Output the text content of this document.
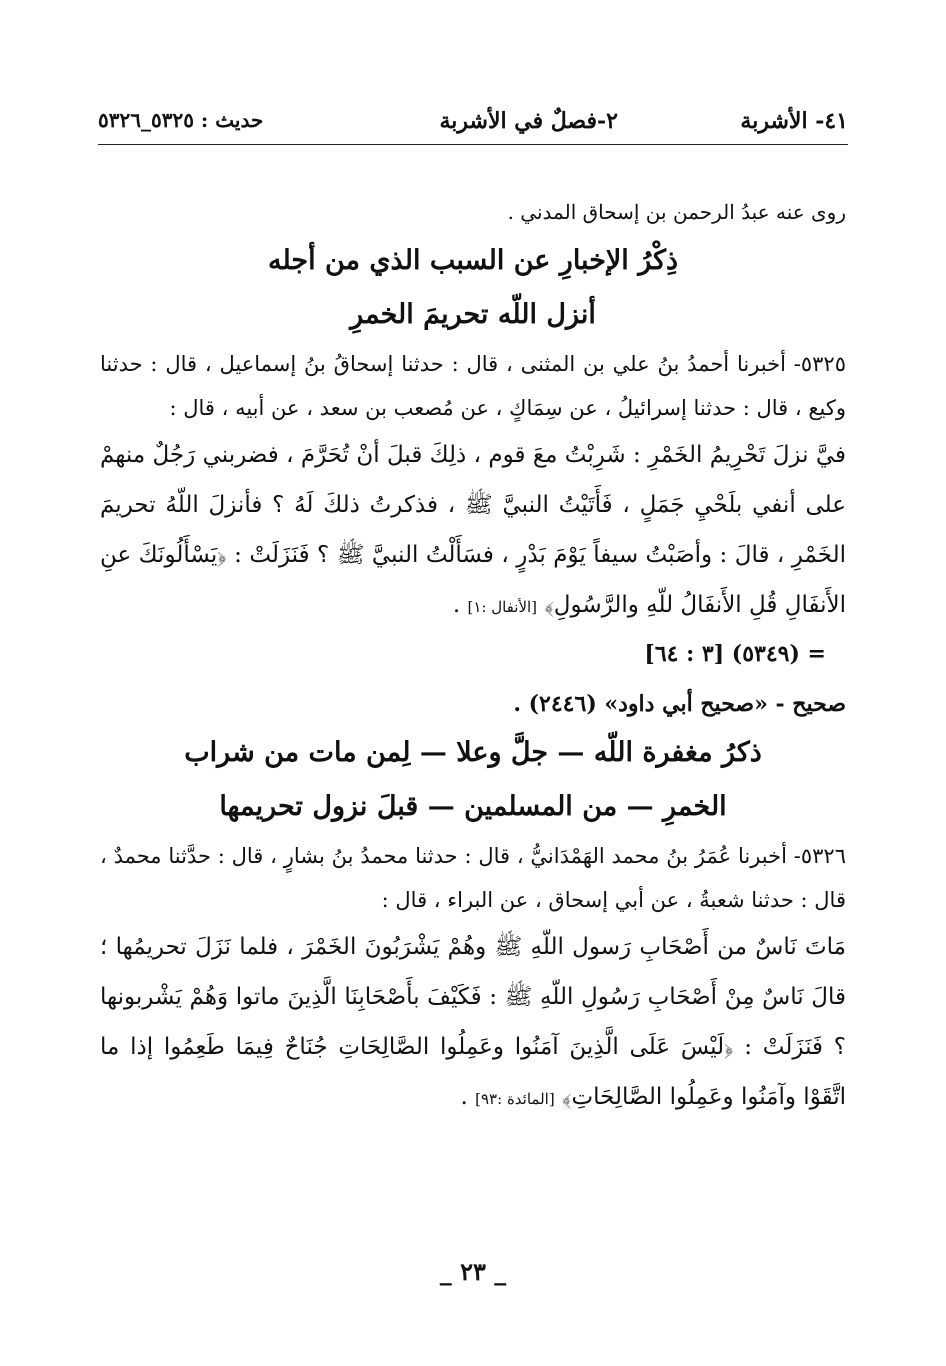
٤١- الأشربة
٢-فصلٌ في الأشربة
حديث : ٥٣٢٥_٥٣٢٦

روى عنه عبدُ الرحمن بن إسحاق المدني .

ذِكْرُ الإخبارِ عن السبب الذي من أجله

أنزل اللّه تحريمَ الخمرِ

٥٣٢٥- أخبرنا أحمدُ بنُ علي بن المثنى ، قال : حدثنا إسحاقُ بنُ إسماعيل ، قال : حدثنا وكيع ، قال : حدثنا إسرائيلُ ، عن سِمَاكٍ ، عن مُصعب بن سعد ، عن أبيه ، قال :

فيَّ نزلَ تَحْرِيمُ الخَمْرِ : شَرِبْتُ معَ قوم ، ذلِكَ قبلَ أنْ تُحَرَّمَ ، فضربني رَجُلٌ منهمْ على أنفي بلَحْيِ جَمَلٍ ، فَأَتَيْتُ النبيَّ ﷺ ، فذكرتُ ذلكَ لَهُ ؟ فأنزلَ اللّهُ تحريمَ الخَمْرِ ، قالَ : وأصَبْتُ سيفاً يَوْمَ بَدْرٍ ، فسَأَلْتُ النبيَّ ﷺ ؟ فَنَزَلَتْ : ﴿يَسْأَلُونَكَ عنِ الأَنفَالِ قُلِ الأَنفَالُ للّهِ والرَّسُولِ﴾ [الأنفال :١] .

= (٥٣٤٩) [٣ : ٦٤]

صحيح - «صحيح أبي داود» (٢٤٤٦) .

ذكرُ مغفرة اللّه — جلَّ وعلا — لِمن مات من شراب

الخمرِ — من المسلمين — قبلَ نزول تحريمها

٥٣٢٦- أخبرنا عُمَرُ بنُ محمد الهَمْدَانيُّ ، قال : حدثنا محمدُ بنُ بشارٍ ، قال : حدَّثنا محمدٌ ، قال : حدثنا شعبةُ ، عن أبي إسحاق ، عن البراء ، قال :

مَاتَ نَاسٌ من أَصْحَابِ رَسول اللّهِ ﷺ وهُمْ يَشْرَبُونَ الخَمْرَ ، فلما نَزَلَ تحريمُها ؛ قالَ نَاسٌ مِنْ أَصْحَابِ رَسُولِ اللّهِ ﷺ : فَكَيْفَ بأَصْحَابِنَا الَّذِينَ ماتوا وَهُمْ يَشْربونها ؟ فَنَزَلَتْ : ﴿لَيْسَ عَلَى الَّذِينَ آمَنُوا وعَمِلُوا الصَّالِحَاتِ جُنَاحٌ فِيمَا طَعِمُوا إذا ما اتَّقَوْا وآمَنُوا وعَمِلُوا الصَّالِحَاتِ﴾ [المائدة :٩٣] .

_ ٢٣ _
